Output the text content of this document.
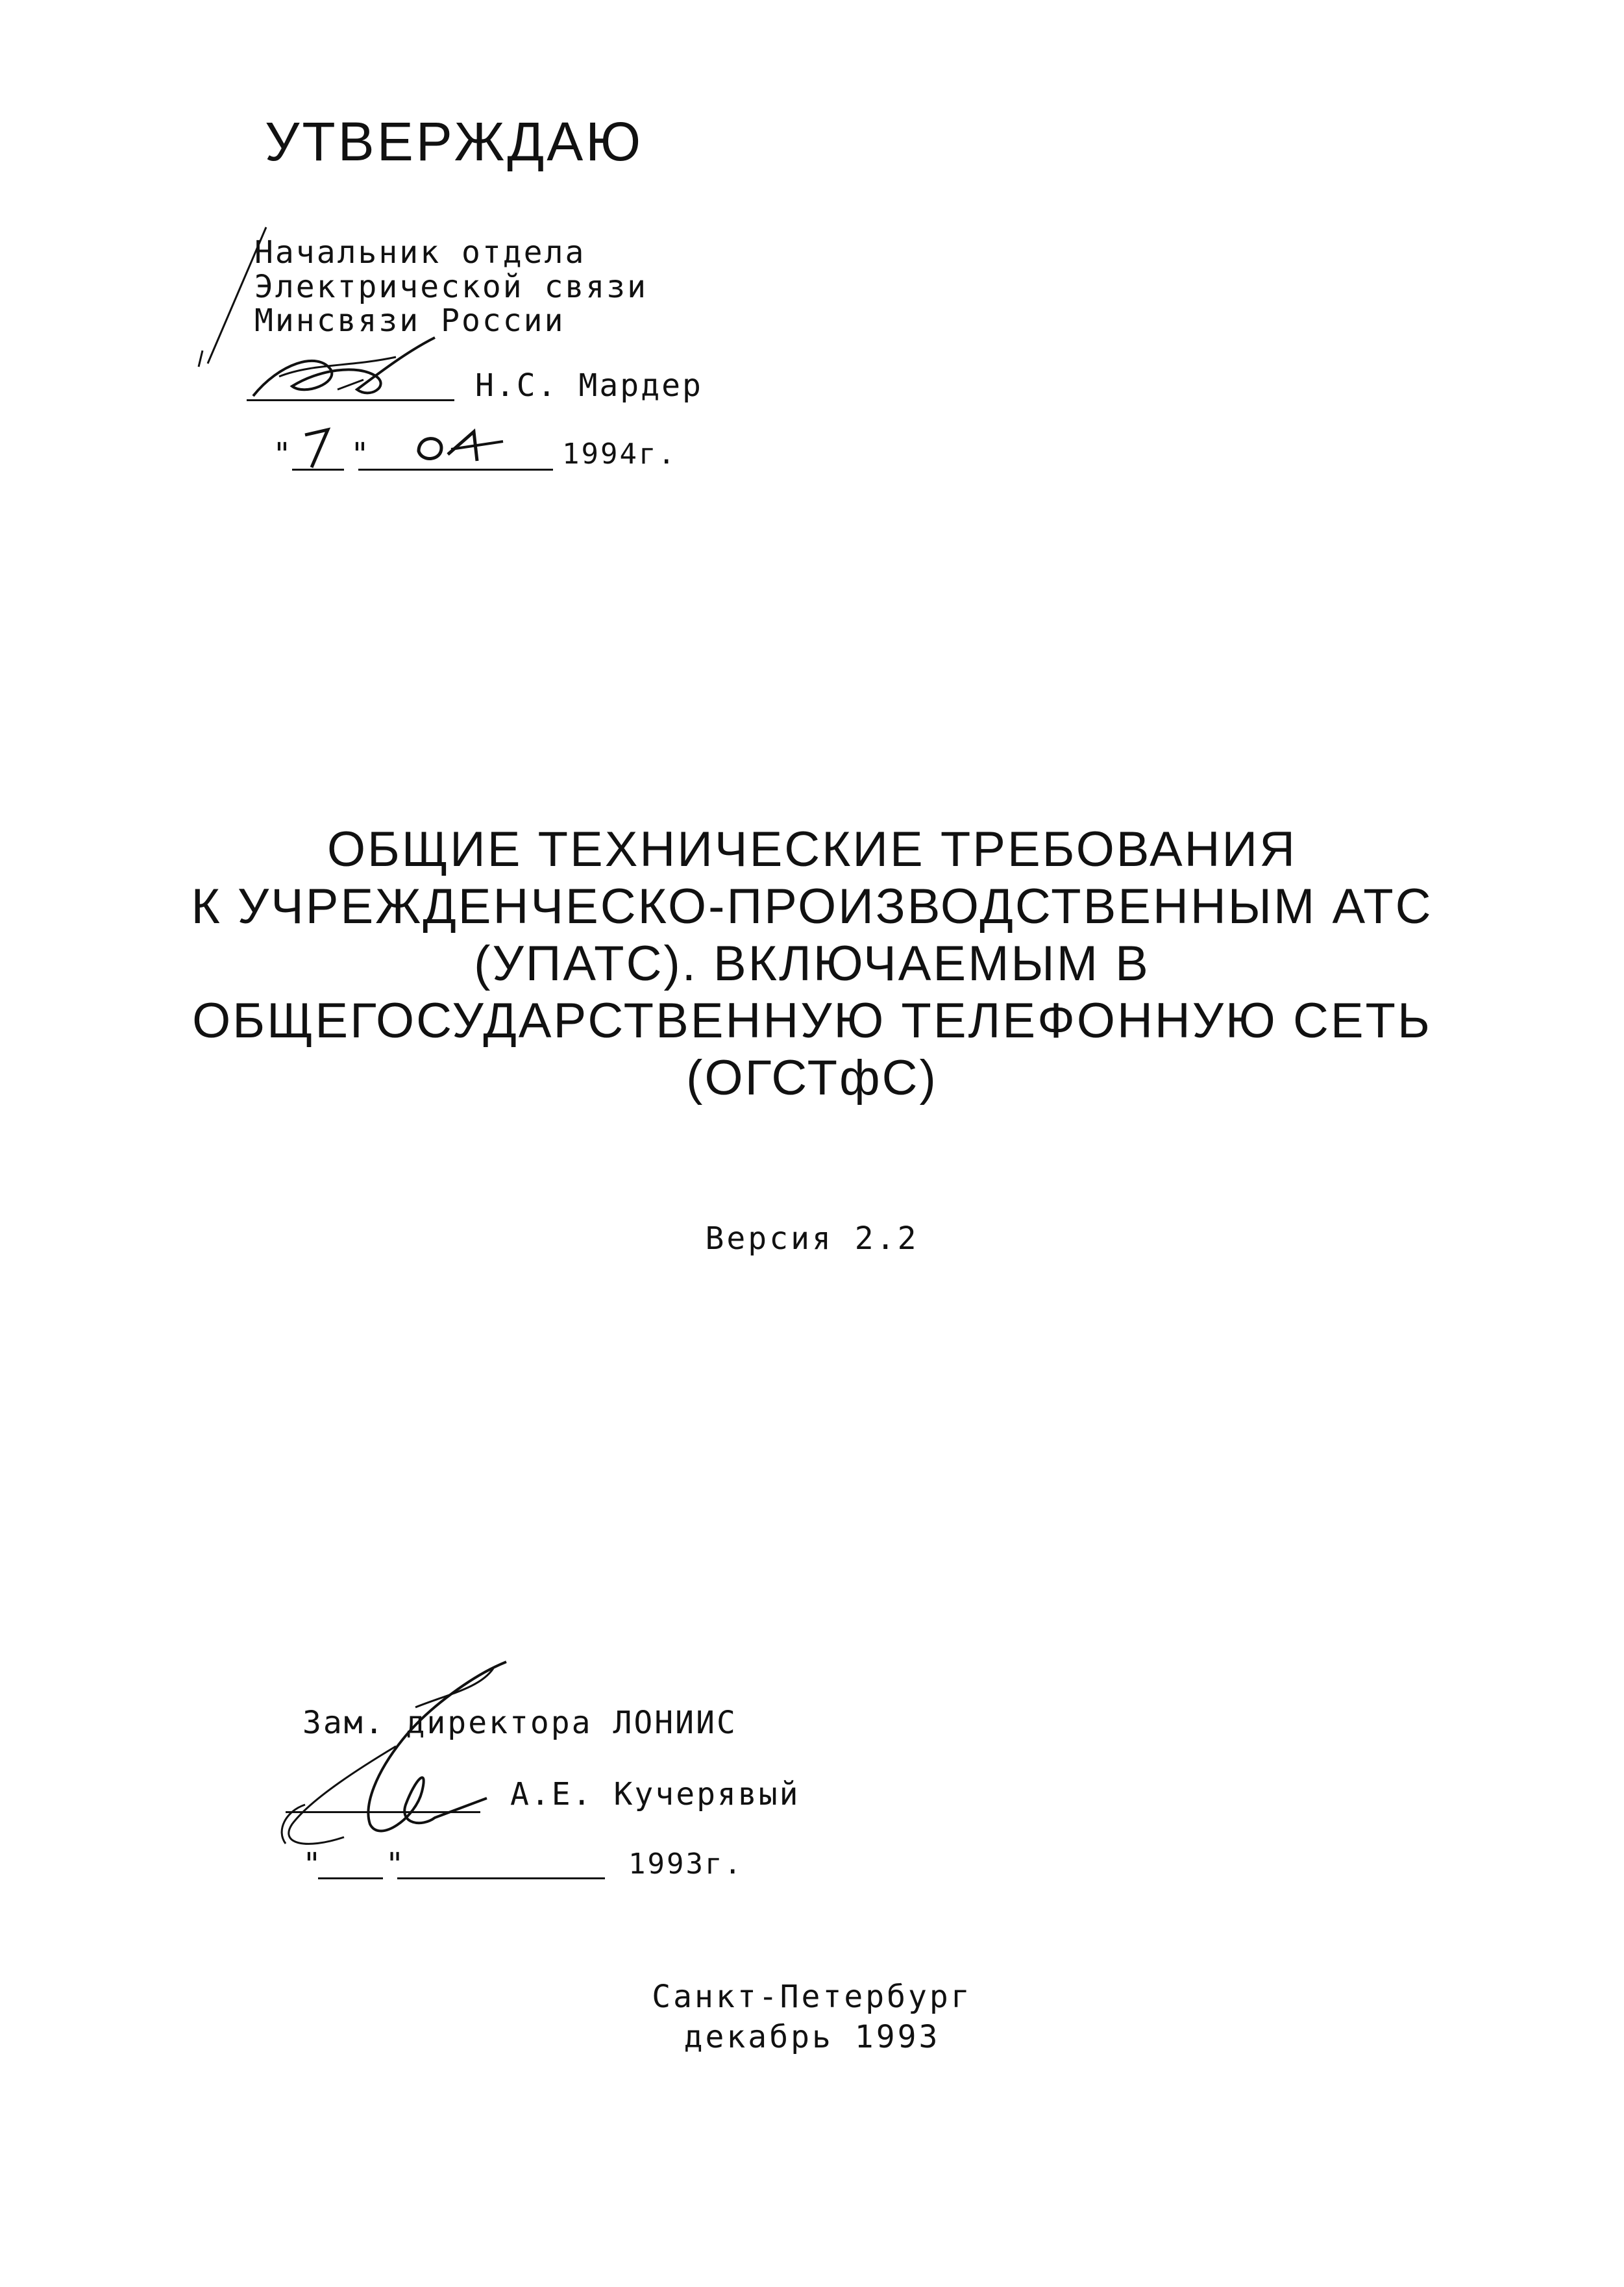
УТВЕРЖДАЮ
Начальник отдела
Электрической связи
Минсвязи России
Н.С. Мардер
"
1
"
04
1994г.
ОБЩИЕ ТЕХНИЧЕСКИЕ ТРЕБОВАНИЯ
К УЧРЕЖДЕНЧЕСКО-ПРОИЗВОДСТВЕННЫМ АТС
(УПАТС). ВКЛЮЧАЕМЫМ В
ОБЩЕГОСУДАРСТВЕННУЮ ТЕЛЕФОННУЮ СЕТЬ
(ОГСТфС)
Версия 2.2
Зам. директора ЛОНИИС
А.Е. Кучерявый
"   "	1993г.
Санкт-Петербург
декабрь 1993
